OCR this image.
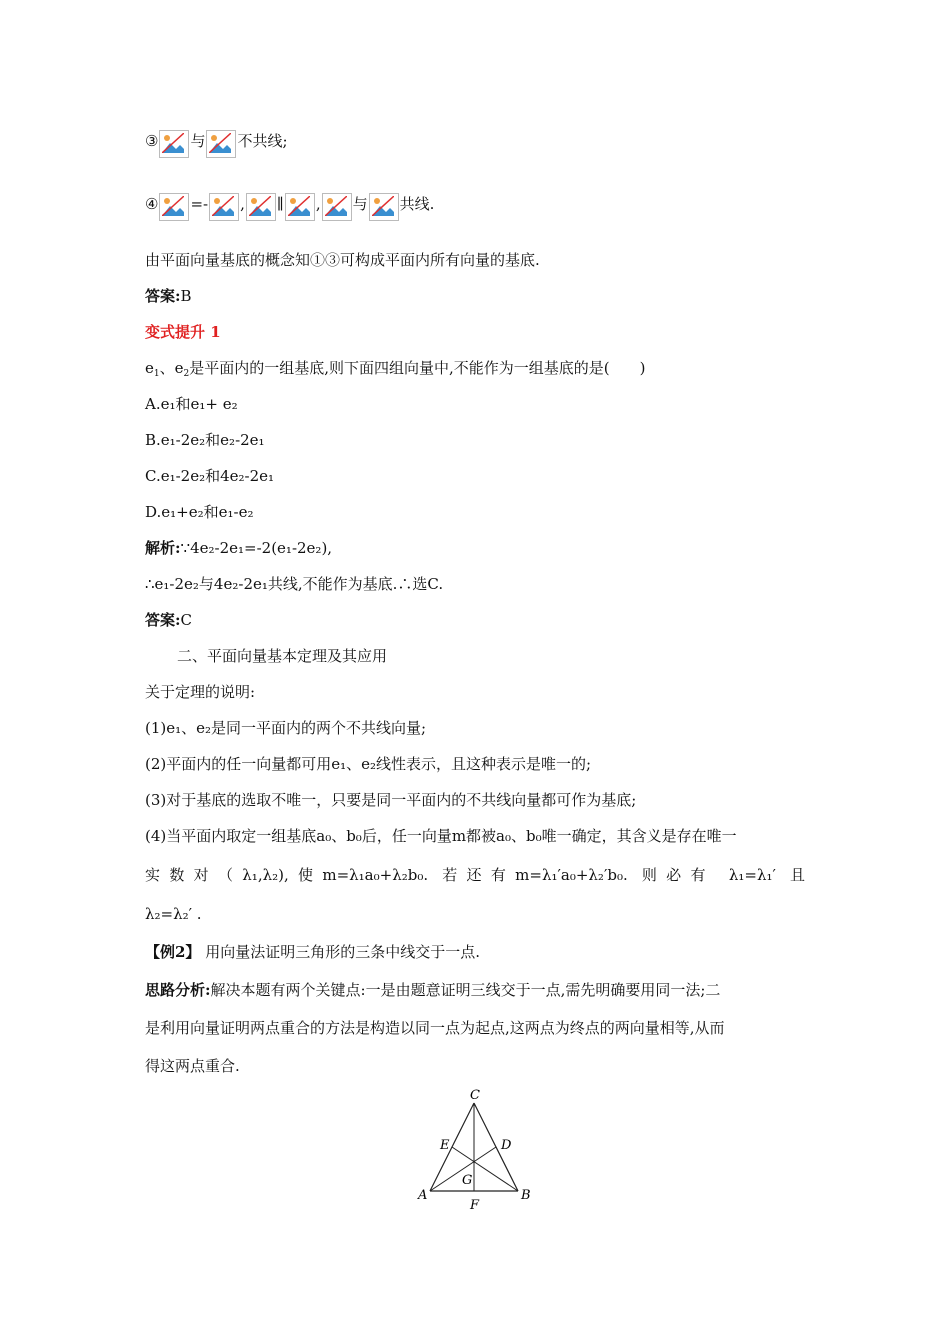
③ 与 不共线;
④ =- , ∥ , 与 共线.
由平面向量基底的概念知①③可构成平面内所有向量的基底.
答案:B
变式提升 1
$e_1$、$e_2$是平面内的一组基底,则下面四组向量中,不能作为一组基底的是(　　)
A.e₁和e₁+ e₂
B.e₁-2e₂和e₂-2e₁
C.e₁-2e₂和4e₂-2e₁
D.e₁+e₂和e₁-e₂
解析:∵4e₂-2e₁=-2(e₁-2e₂),
∴e₁-2e₂与4e₂-2e₁共线,不能作为基底.∴选C.
答案:C
二、平面向量基本定理及其应用
关于定理的说明:
(1)e₁、e₂是同一平面内的两个不共线向量;
(2)平面内的任一向量都可用e₁、e₂线性表示，且这种表示是唯一的;
(3)对于基底的选取不唯一，只要是同一平面内的不共线向量都可作为基底;
(4)当平面内取定一组基底a₀、b₀后，任一向量m都被a₀、b₀唯一确定，其含义是存在唯一
实数对（λ₁,λ₂),使m=λ₁a₀+λ₂b₀. 若还有m=λ₁′a₀+λ₂′b₀. 则必有 λ₁=λ₁′ 且
λ₂=λ₂′ .
【例2】 用向量法证明三角形的三条中线交于一点.
思路分析:解决本题有两个关键点:一是由题意证明三线交于一点,需先明确要用同一法;二
是利用向量证明两点重合的方法是构造以同一点为起点,这两点为终点的两向量相等,从而
得这两点重合.
C
A	B
D
E
F
G
